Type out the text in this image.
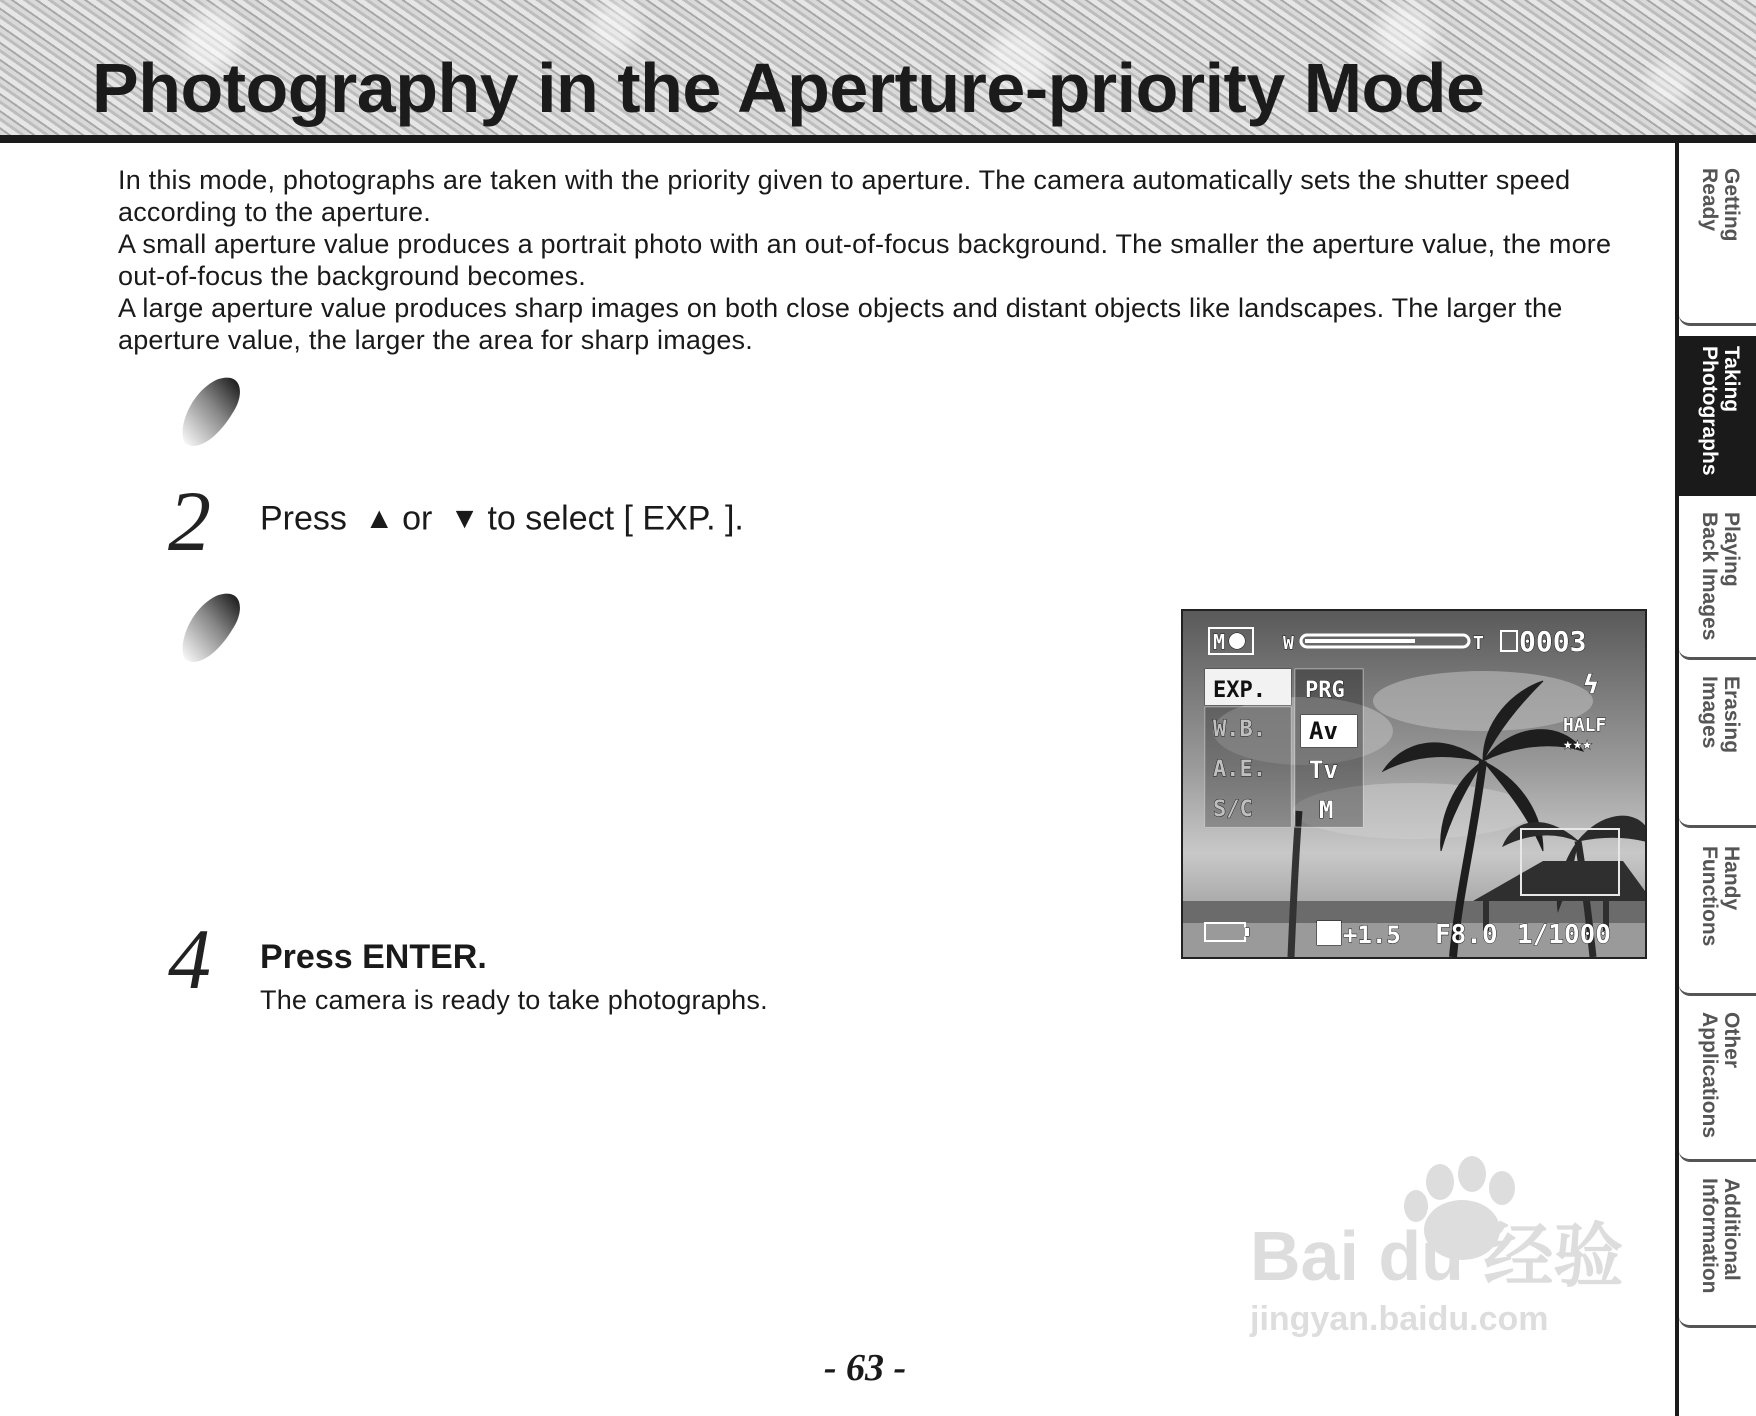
Photography in the Aperture-priority Mode

In this mode, photographs are taken with the priority given to aperture. The camera automatically sets the shutter speed according to the aperture.

A small aperture value produces a portrait photo with an out-of-focus background. The smaller the aperture value, the more out-of-focus the background becomes.

A large aperture value produces sharp images on both close objects and distant objects like landscapes. The larger the aperture value, the larger the area for sharp images.

2 Press ▲ or ▼ to select [ EXP. ].
4 Press ENTER.
The camera is ready to take photographs.
M	W	T 0003
EXP. PRG
Av
Tv
M
ϟ
HALF
★★★
+1.5 F8.0 1/1000
- 63 -
Getting
Ready
Taking
Photographs
Playing
Back Images
Erasing
Images
Handy
Functions
Other
Applications
Additional
Information
Bai du 经验
jingyan.baidu.com
